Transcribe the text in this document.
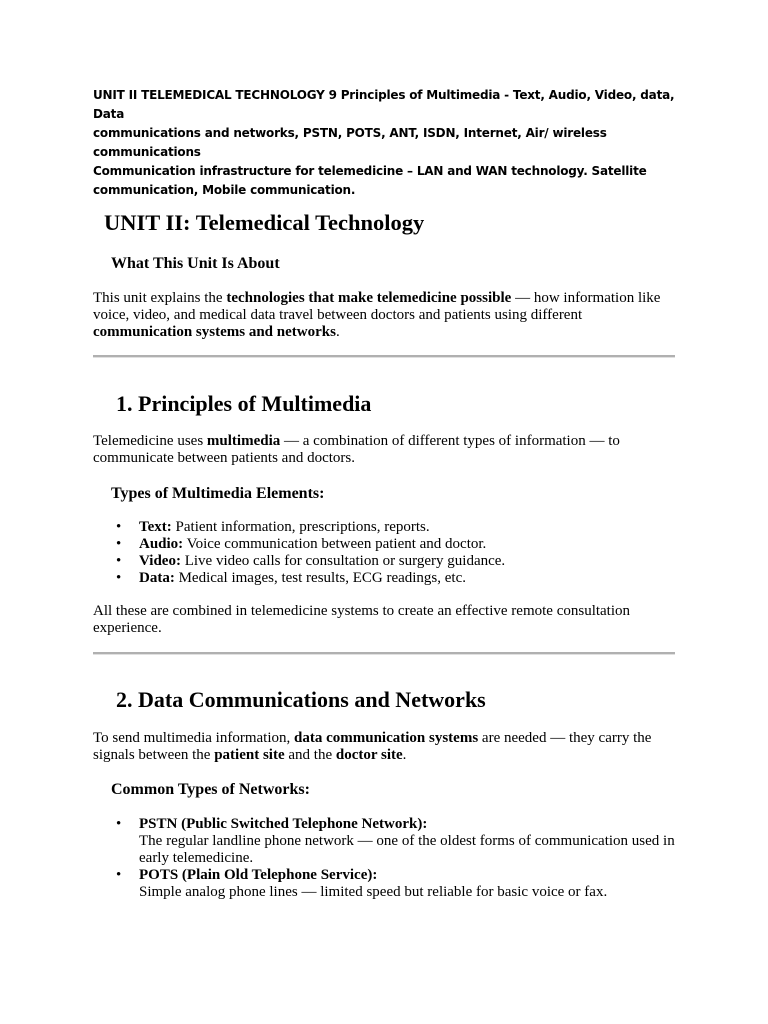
UNIT II TELEMEDICAL TECHNOLOGY 9 Principles of Multimedia - Text, Audio, Video, data, Data
communications and networks, PSTN, POTS, ANT, ISDN, Internet, Air/ wireless communications
Communication infrastructure for telemedicine – LAN and WAN technology. Satellite
communication, Mobile communication.
UNIT II: Telemedical Technology
What This Unit Is About

This unit explains the technologies that make telemedicine possible — how information like voice, video, and medical data travel between doctors and patients using different communication systems and networks.

1. Principles of Multimedia

Telemedicine uses multimedia — a combination of different types of information — to communicate between patients and doctors.

Types of Multimedia Elements:
• Text: Patient information, prescriptions, reports.
• Audio: Voice communication between patient and doctor.
• Video: Live video calls for consultation or surgery guidance.
• Data: Medical images, test results, ECG readings, etc.

All these are combined in telemedicine systems to create an effective remote consultation experience.

2. Data Communications and Networks

To send multimedia information, data communication systems are needed — they carry the signals between the patient site and the doctor site.

Common Types of Networks:
• PSTN (Public Switched Telephone Network):
The regular landline phone network — one of the oldest forms of communication used in early telemedicine.
• POTS (Plain Old Telephone Service):
Simple analog phone lines — limited speed but reliable for basic voice or fax.
